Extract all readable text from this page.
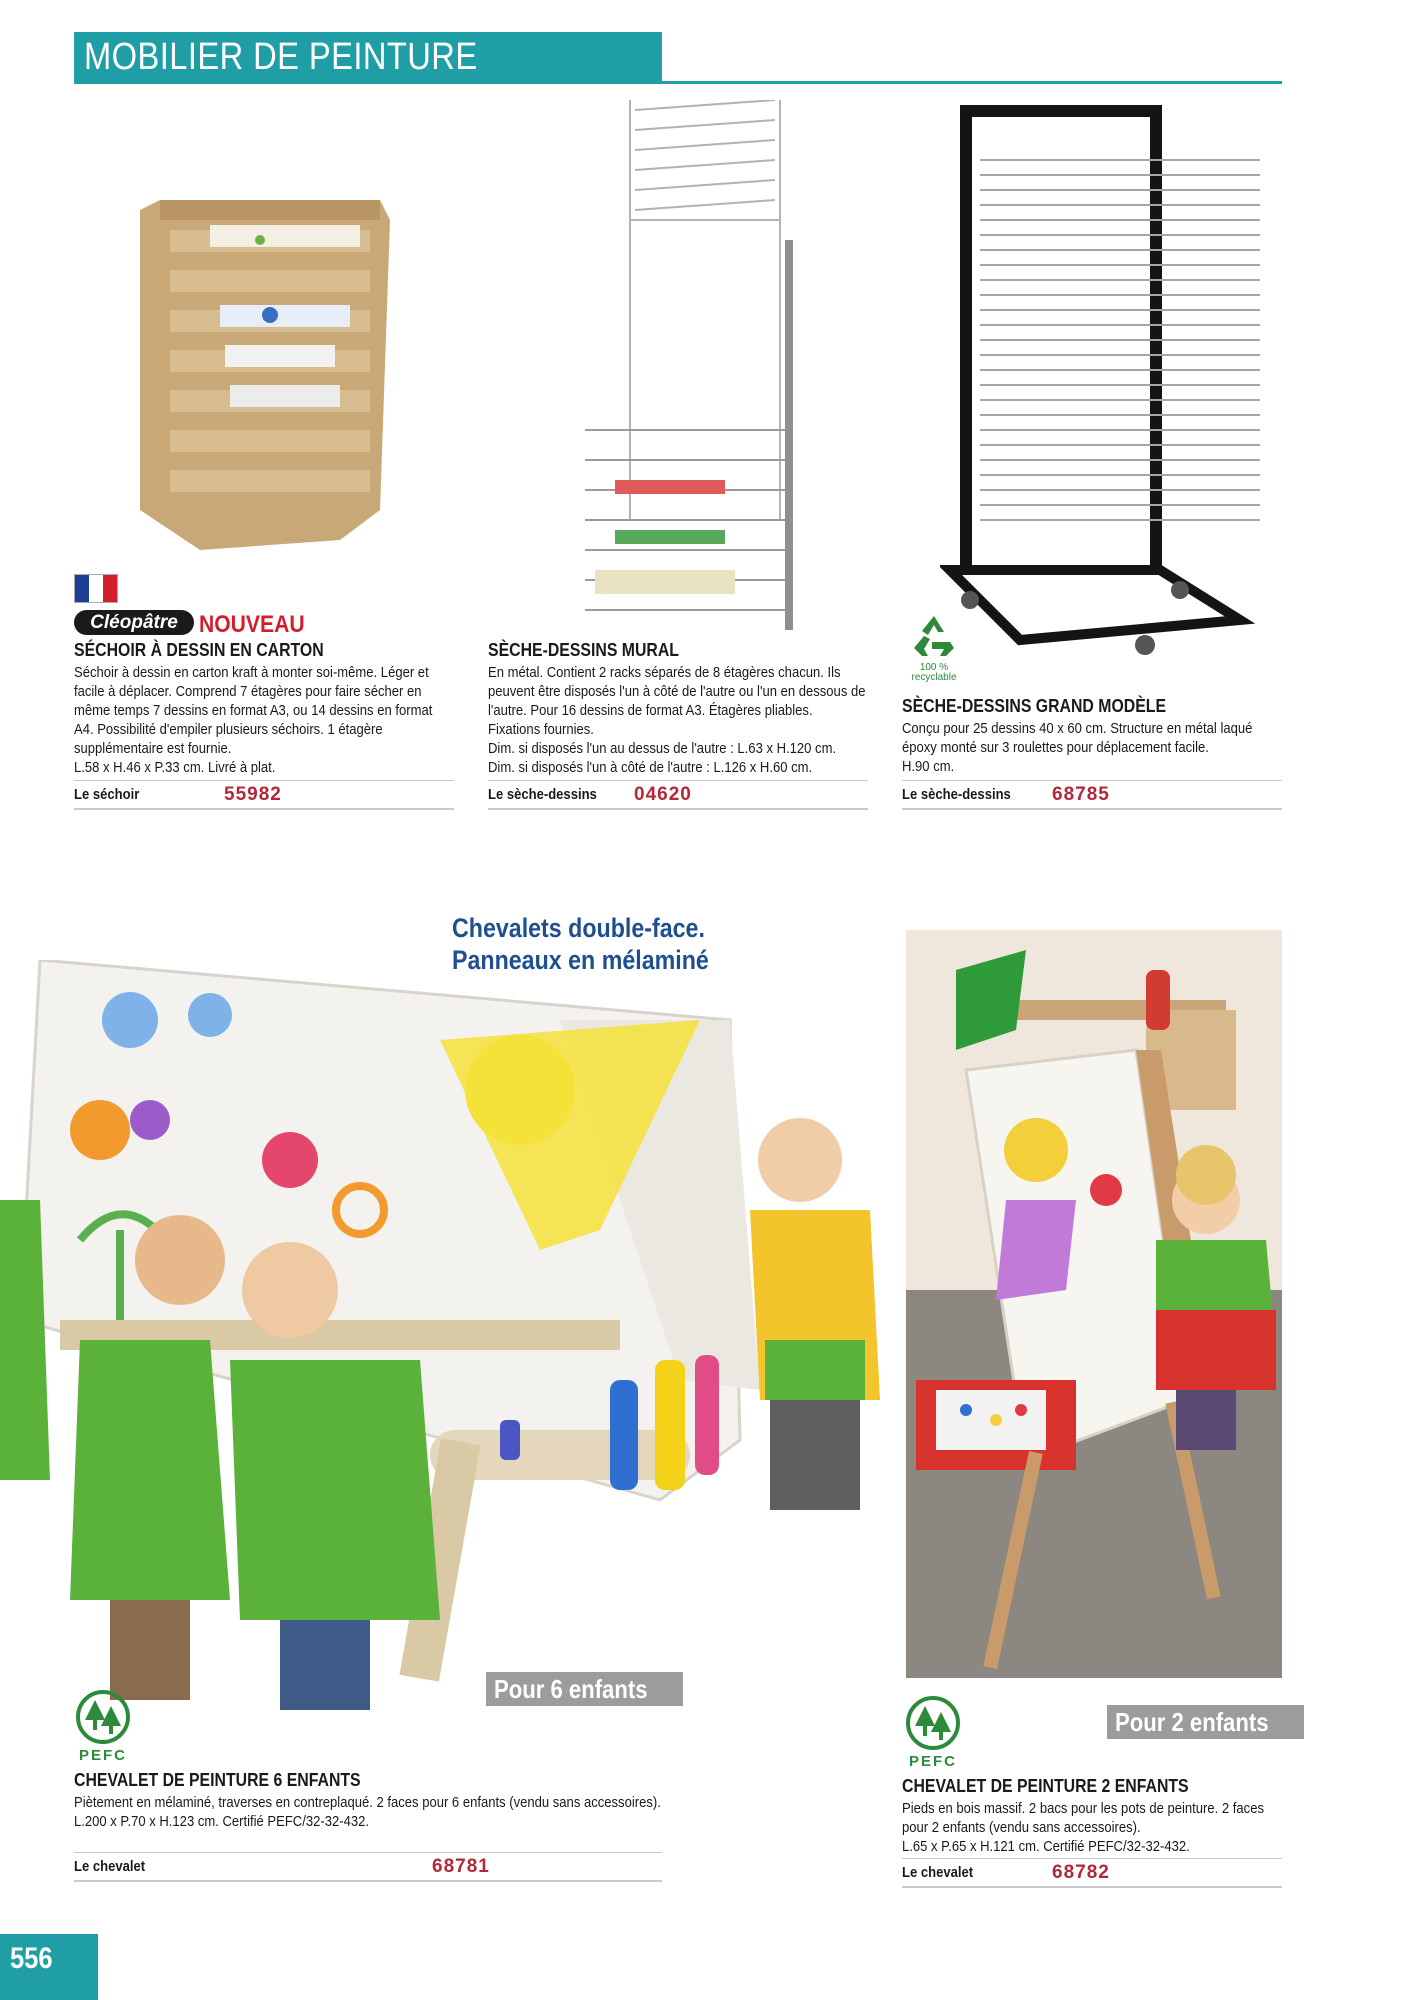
MOBILIER DE PEINTURE
Cléopâtre NOUVEAU
100 %
recyclable
SÉCHOIR À DESSIN EN CARTON
Séchoir à dessin en carton kraft à monter soi-même. Léger et facile à déplacer. Comprend 7 étagères pour faire sécher en même temps 7 dessins en format A3, ou 14 dessins en format A4. Possibilité d'empiler plusieurs séchoirs. 1 étagère supplémentaire est fournie.
L.58 x H.46 x P.33 cm. Livré à plat.
Le séchoir	55982
SÈCHE-DESSINS MURAL
En métal. Contient 2 racks séparés de 8 étagères chacun. Ils peuvent être disposés l'un à côté de l'autre ou l'un en dessous de l'autre. Pour 16 dessins de format A3. Étagères pliables. Fixations fournies.
Dim. si disposés l'un au dessus de l'autre : L.63 x H.120 cm.
Dim. si disposés l'un à côté de l'autre : L.126 x H.60 cm.
Le sèche-dessins 04620
SÈCHE-DESSINS GRAND MODÈLE
Conçu pour 25 dessins 40 x 60 cm. Structure en métal laqué époxy monté sur 3 roulettes pour déplacement facile.
H.90 cm.
Le sèche-dessins 68785
Chevalets double-face.
Panneaux en mélaminé
Pour 6 enfants
Pour 2 enfants
PEFC	PEFC
CHEVALET DE PEINTURE 6 ENFANTS
Piètement en mélaminé, traverses en contreplaqué. 2 faces pour 6 enfants (vendu sans accessoires).
L.200 x P.70 x H.123 cm. Certifié PEFC/32-32-432.
Le chevalet	68781
CHEVALET DE PEINTURE 2 ENFANTS
Pieds en bois massif. 2 bacs pour les pots de peinture. 2 faces pour 2 enfants (vendu sans accessoires).
L.65 x P.65 x H.121 cm. Certifié PEFC/32-32-432.
Le chevalet	68782
556
